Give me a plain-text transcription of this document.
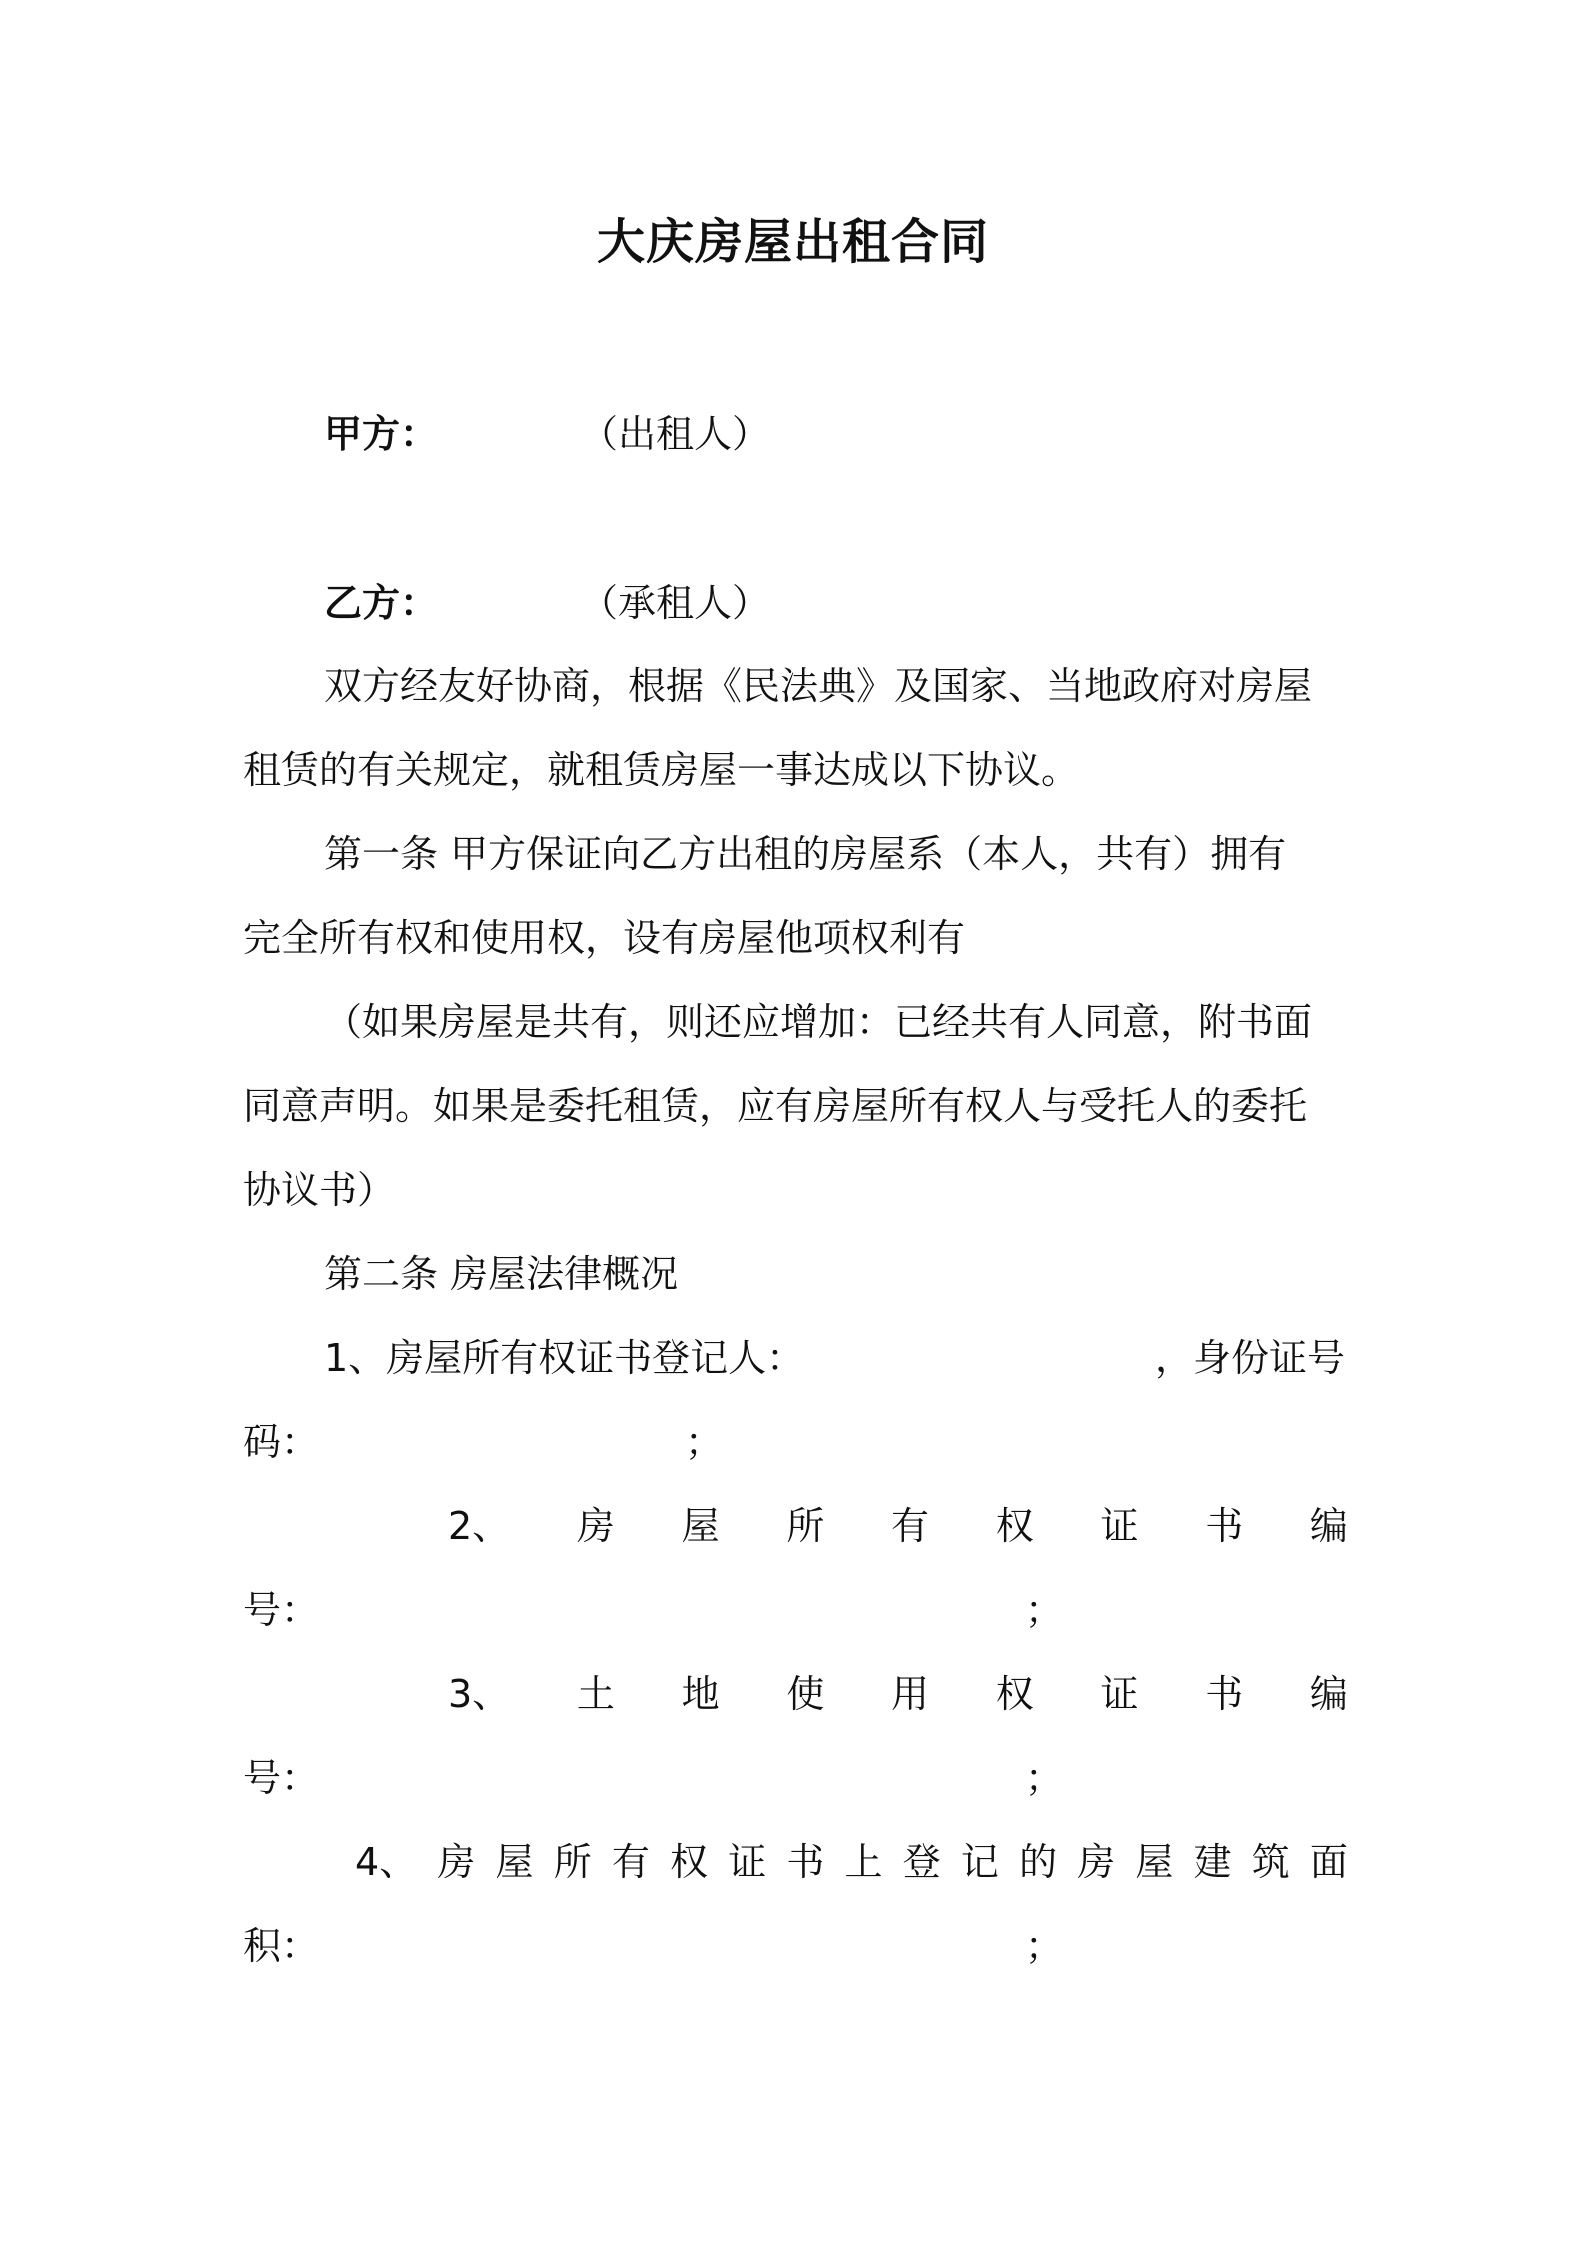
大庆房屋出租合同
甲方：	（出租人）
乙方：	（承租人）
双方经友好协商，根据《民法典》及国家、当地政府对房屋
租赁的有关规定，就租赁房屋一事达成以下协议。
第一条 甲方保证向乙方出租的房屋系（本人，共有）拥有
完全所有权和使用权，设有房屋他项权利有
（如果房屋是共有，则还应增加：已经共有人同意，附书面
同意声明。如果是委托租赁，应有房屋所有权人与受托人的委托
协议书）
第二条 房屋法律概况
1、房屋所有权证书登记人：	，身份证号
码：	；
2、 房 屋 所 有 权 证 书 编
号：	；
3、 土 地 使 用 权 证 书 编
号：	；
4、 房 屋 所 有 权 证 书 上 登 记 的 房 屋 建 筑 面
积：	；
